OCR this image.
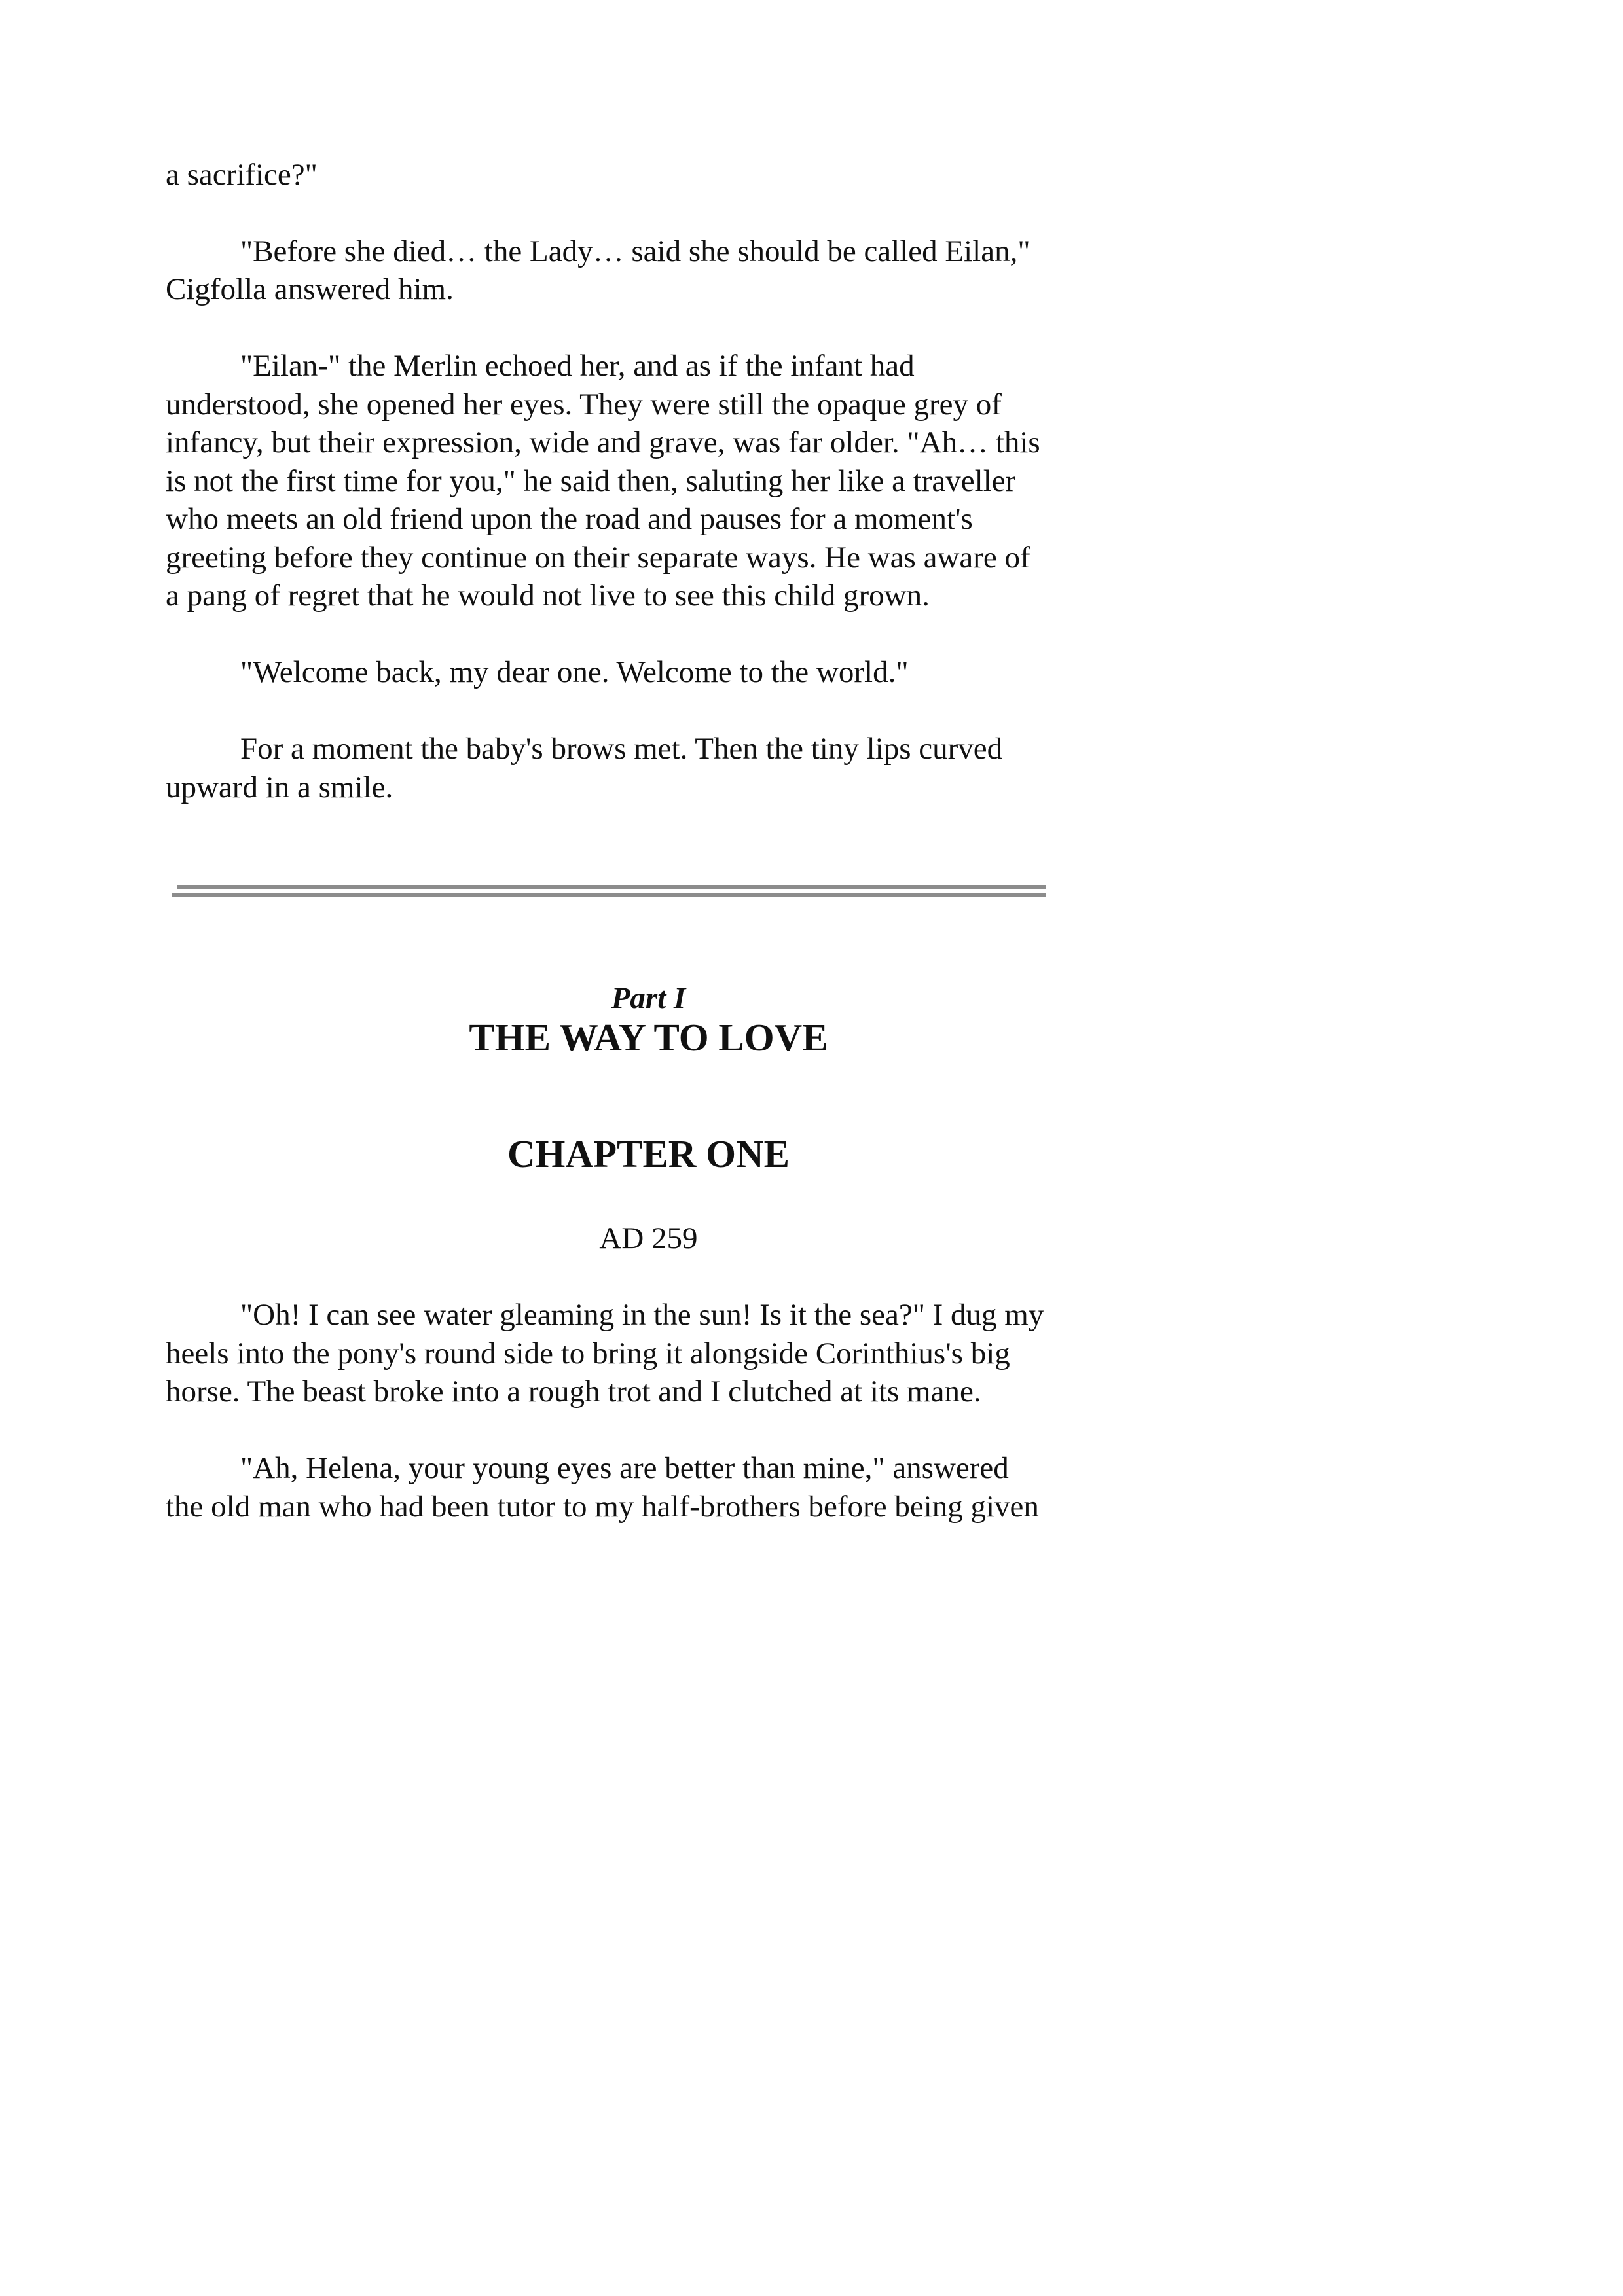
a sacrifice?"

"Before she died… the Lady… said she should be called Eilan,"

Cigfolla answered him.

"Eilan-" the Merlin echoed her, and as if the infant had

understood, she opened her eyes. They were still the opaque grey of

infancy, but their expression, wide and grave, was far older. "Ah… this

is not the first time for you," he said then, saluting her like a traveller

who meets an old friend upon the road and pauses for a moment's

greeting before they continue on their separate ways. He was aware of

a pang of regret that he would not live to see this child grown.

"Welcome back, my dear one. Welcome to the world."

For a moment the baby's brows met. Then the tiny lips curved

upward in a smile.

Part I

THE WAY TO LOVE

CHAPTER ONE

AD 259

"Oh! I can see water gleaming in the sun! Is it the sea?" I dug my

heels into the pony's round side to bring it alongside Corinthius's big

horse. The beast broke into a rough trot and I clutched at its mane.

"Ah, Helena, your young eyes are better than mine," answered

the old man who had been tutor to my half-brothers before being given
